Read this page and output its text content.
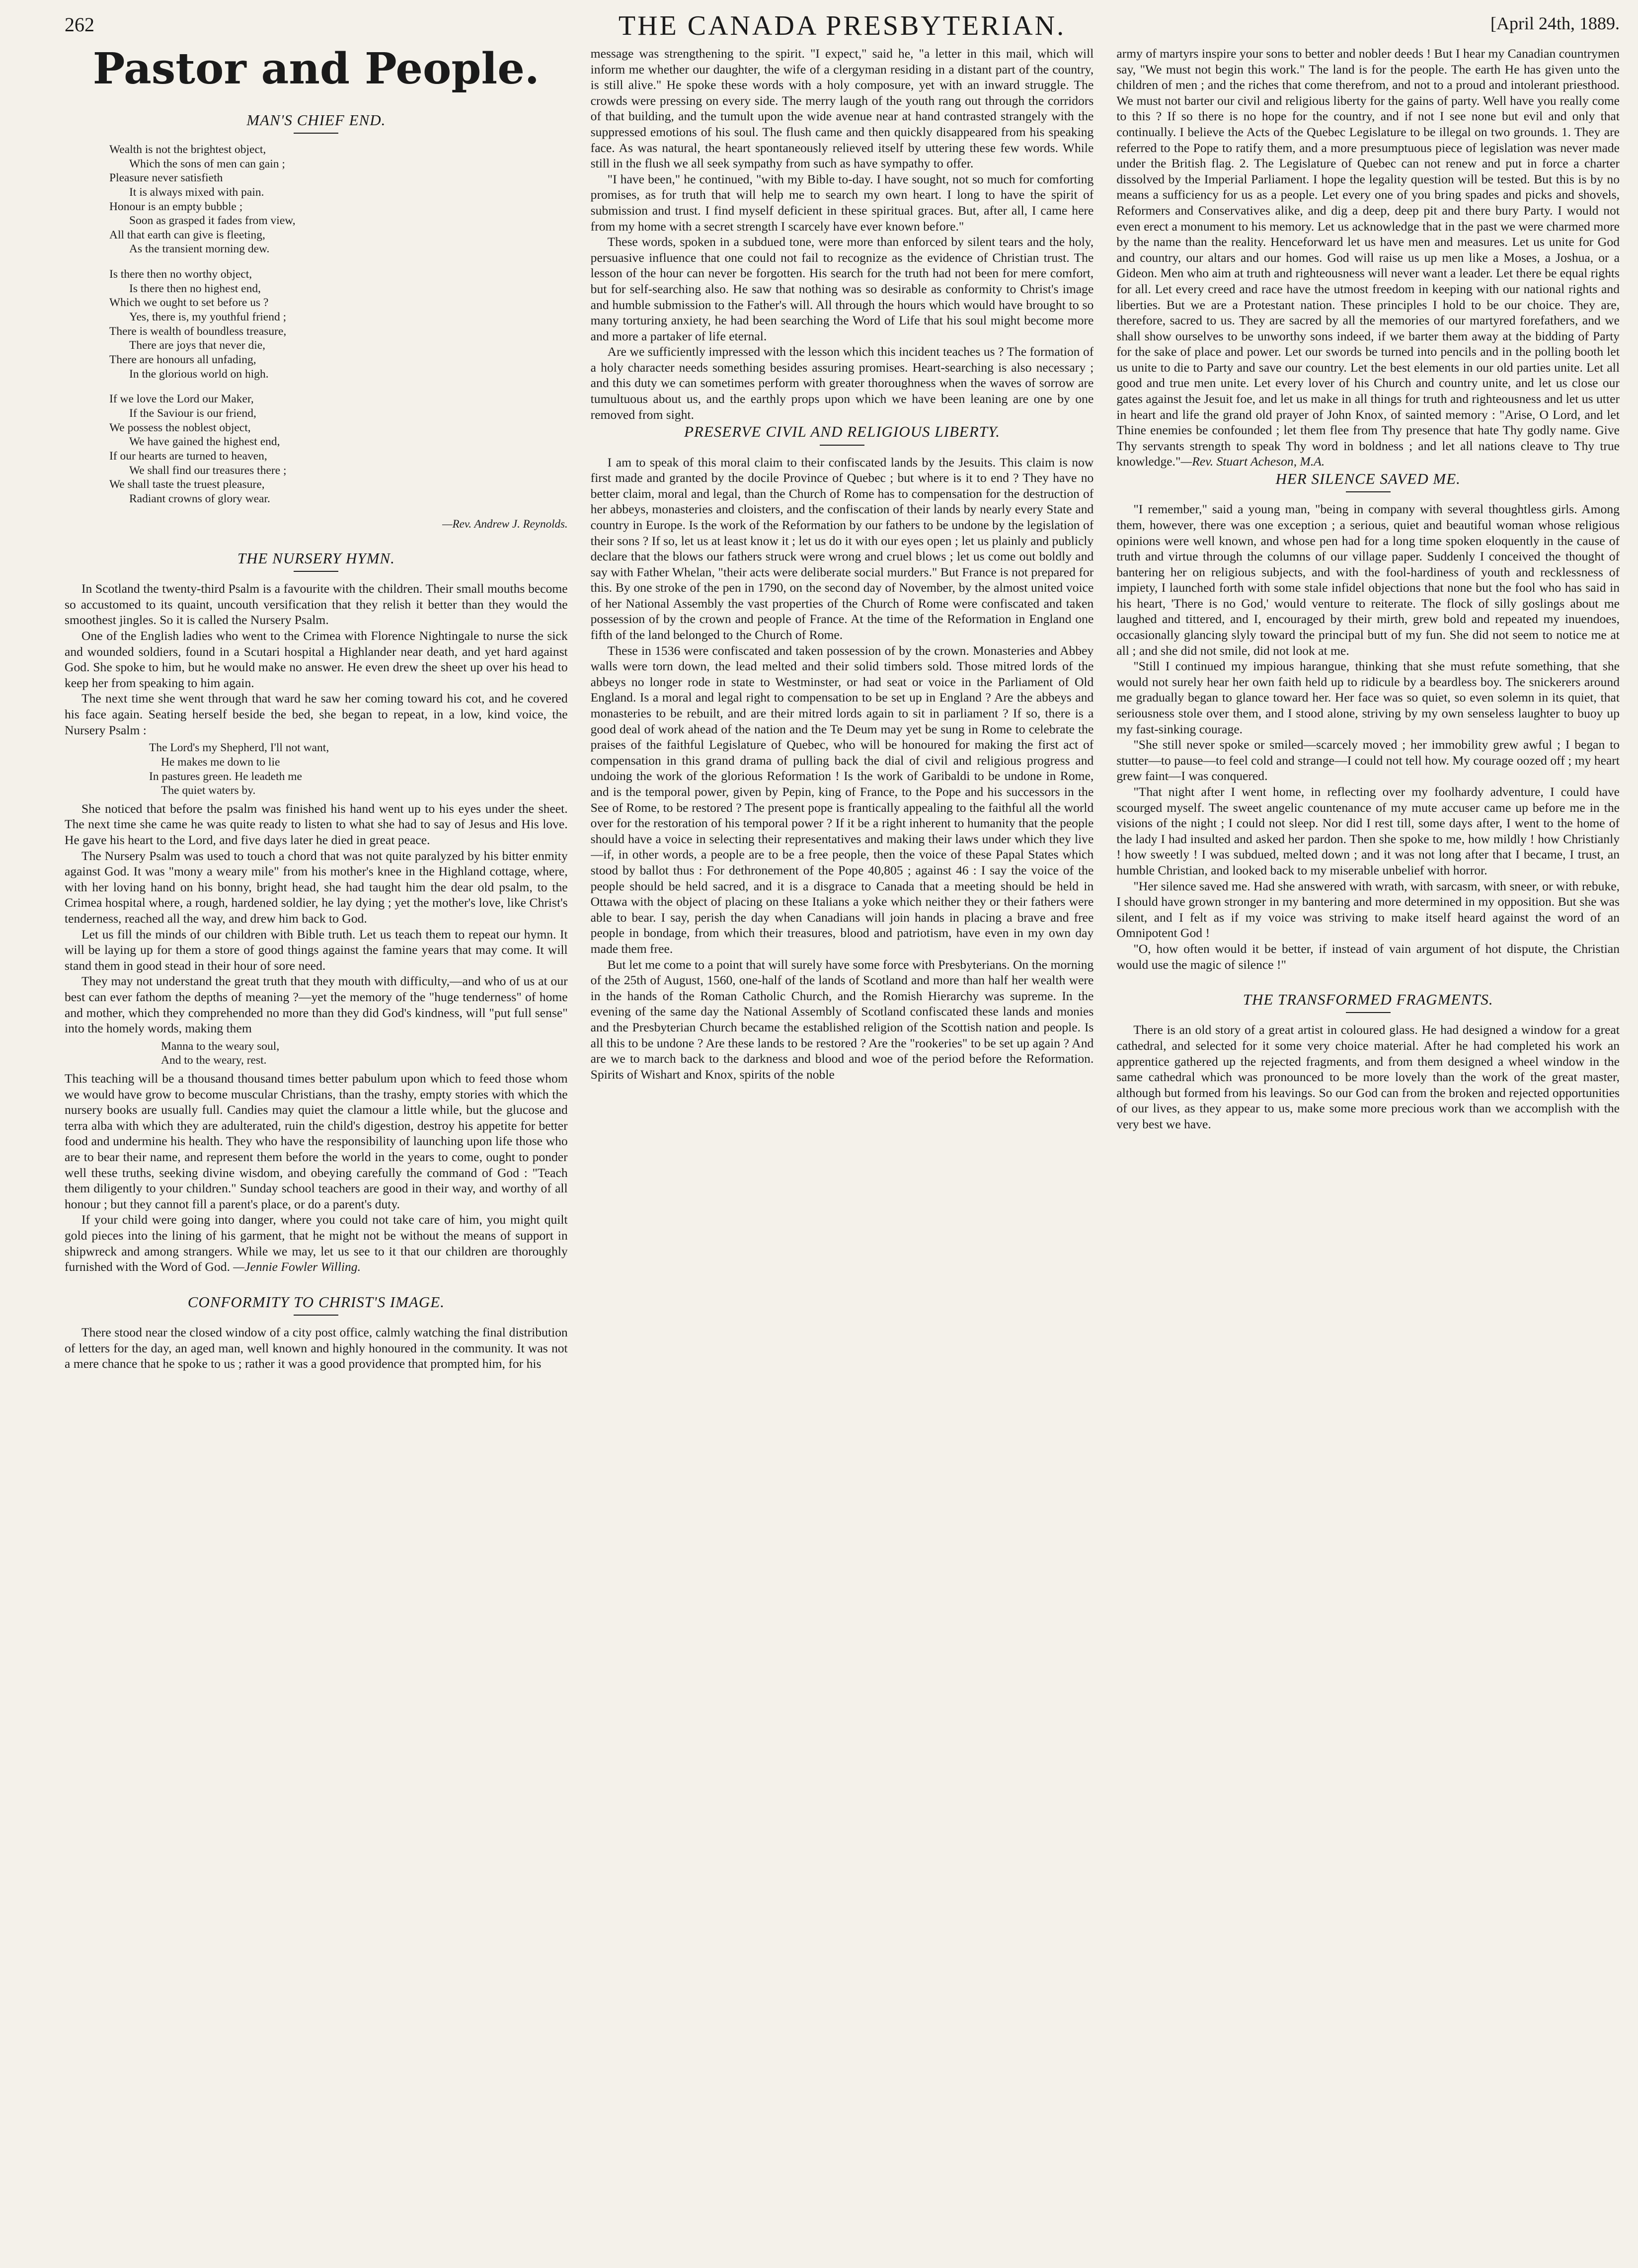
262	THE CANADA PRESBYTERIAN.	[April 24th, 1889.
Pastor and People.
MAN'S CHIEF END.
Wealth is not the brightest object,
Which the sons of men can gain ;
Pleasure never satisfieth
It is always mixed with pain.
Honour is an empty bubble ;
Soon as grasped it fades from view,
All that earth can give is fleeting,
As the transient morning dew.
Is there then no worthy object,
Is there then no highest end,
Which we ought to set before us ?
Yes, there is, my youthful friend ;
There is wealth of boundless treasure,
There are joys that never die,
There are honours all unfading,
In the glorious world on high.
If we love the Lord our Maker,
If the Saviour is our friend,
We possess the noblest object,
We have gained the highest end,
If our hearts are turned to heaven,
We shall find our treasures there ;
We shall taste the truest pleasure,
Radiant crowns of glory wear.
—Rev. Andrew J. Reynolds.
THE NURSERY HYMN.

In Scotland the twenty-third Psalm is a favourite with the children. Their small mouths become so accustomed to its quaint, uncouth versification that they relish it better than they would the smoothest jingles. So it is called the Nursery Psalm.

One of the English ladies who went to the Crimea with Florence Nightingale to nurse the sick and wounded soldiers, found in a Scutari hospital a Highlander near death, and yet hard against God. She spoke to him, but he would make no answer. He even drew the sheet up over his head to keep her from speaking to him again.

The next time she went through that ward he saw her coming toward his cot, and he covered his face again. Seating herself beside the bed, she began to repeat, in a low, kind voice, the Nursery Psalm :

The Lord's my Shepherd, I'll not want,
He makes me down to lie
In pastures green. He leadeth me
The quiet waters by.

She noticed that before the psalm was finished his hand went up to his eyes under the sheet. The next time she came he was quite ready to listen to what she had to say of Jesus and His love. He gave his heart to the Lord, and five days later he died in great peace.

The Nursery Psalm was used to touch a chord that was not quite paralyzed by his bitter enmity against God. It was "mony a weary mile" from his mother's knee in the Highland cottage, where, with her loving hand on his bonny, bright head, she had taught him the dear old psalm, to the Crimea hospital where, a rough, hardened soldier, he lay dying ; yet the mother's love, like Christ's tenderness, reached all the way, and drew him back to God.

Let us fill the minds of our children with Bible truth. Let us teach them to repeat our hymn. It will be laying up for them a store of good things against the famine years that may come. It will stand them in good stead in their hour of sore need.

They may not understand the great truth that they mouth with difficulty,—and who of us at our best can ever fathom the depths of meaning ?—yet the memory of the "huge tenderness" of home and mother, which they comprehended no more than they did God's kindness, will "put full sense" into the homely words, making them

Manna to the weary soul,
And to the weary, rest.

This teaching will be a thousand thousand times better pabulum upon which to feed those whom we would have grow to become muscular Christians, than the trashy, empty stories with which the nursery books are usually full. Candies may quiet the clamour a little while, but the glucose and terra alba with which they are adulterated, ruin the child's digestion, destroy his appetite for better food and undermine his health. They who have the responsibility of launching upon life those who are to bear their name, and represent them before the world in the years to come, ought to ponder well these truths, seeking divine wisdom, and obeying carefully the command of God : "Teach them diligently to your children." Sunday school teachers are good in their way, and worthy of all honour ; but they cannot fill a parent's place, or do a parent's duty.

If your child were going into danger, where you could not take care of him, you might quilt gold pieces into the lining of his garment, that he might not be without the means of support in shipwreck and among strangers. While we may, let us see to it that our children are thoroughly furnished with the Word of God. —Jennie Fowler Willing.

CONFORMITY TO CHRIST'S IMAGE.

There stood near the closed window of a city post office, calmly watching the final distribution of letters for the day, an aged man, well known and highly honoured in the community. It was not a mere chance that he spoke to us ; rather it was a good providence that prompted him, for his

message was strengthening to the spirit. "I expect," said he, "a letter in this mail, which will inform me whether our daughter, the wife of a clergyman residing in a distant part of the country, is still alive." He spoke these words with a holy composure, yet with an inward struggle. The crowds were pressing on every side. The merry laugh of the youth rang out through the corridors of that building, and the tumult upon the wide avenue near at hand contrasted strangely with the suppressed emotions of his soul. The flush came and then quickly disappeared from his speaking face. As was natural, the heart spontaneously relieved itself by uttering these few words. While still in the flush we all seek sympathy from such as have sympathy to offer.

"I have been," he continued, "with my Bible to-day. I have sought, not so much for comforting promises, as for truth that will help me to search my own heart. I long to have the spirit of submission and trust. I find myself deficient in these spiritual graces. But, after all, I came here from my home with a secret strength I scarcely have ever known before."

These words, spoken in a subdued tone, were more than enforced by silent tears and the holy, persuasive influence that one could not fail to recognize as the evidence of Christian trust. The lesson of the hour can never be forgotten. His search for the truth had not been for mere comfort, but for self-searching also. He saw that nothing was so desirable as conformity to Christ's image and humble submission to the Father's will. All through the hours which would have brought to so many torturing anxiety, he had been searching the Word of Life that his soul might become more and more a partaker of life eternal.

Are we sufficiently impressed with the lesson which this incident teaches us ? The formation of a holy character needs something besides assuring promises. Heart-searching is also necessary ; and this duty we can sometimes perform with greater thoroughness when the waves of sorrow are tumultuous about us, and the earthly props upon which we have been leaning are one by one removed from sight.

PRESERVE CIVIL AND RELIGIOUS LIBERTY.

I am to speak of this moral claim to their confiscated lands by the Jesuits. This claim is now first made and granted by the docile Province of Quebec ; but where is it to end ? They have no better claim, moral and legal, than the Church of Rome has to compensation for the destruction of her abbeys, monasteries and cloisters, and the confiscation of their lands by nearly every State and country in Europe. Is the work of the Reformation by our fathers to be undone by the legislation of their sons ? If so, let us at least know it ; let us do it with our eyes open ; let us plainly and publicly declare that the blows our fathers struck were wrong and cruel blows ; let us come out boldly and say with Father Whelan, "their acts were deliberate social murders." But France is not prepared for this. By one stroke of the pen in 1790, on the second day of November, by the almost united voice of her National Assembly the vast properties of the Church of Rome were confiscated and taken possession of by the crown and people of France. At the time of the Reformation in England one fifth of the land belonged to the Church of Rome.

These in 1536 were confiscated and taken possession of by the crown. Monasteries and Abbey walls were torn down, the lead melted and their solid timbers sold. Those mitred lords of the abbeys no longer rode in state to Westminster, or had seat or voice in the Parliament of Old England. Is a moral and legal right to compensation to be set up in England ? Are the abbeys and monasteries to be rebuilt, and are their mitred lords again to sit in parliament ? If so, there is a good deal of work ahead of the nation and the Te Deum may yet be sung in Rome to celebrate the praises of the faithful Legislature of Quebec, who will be honoured for making the first act of compensation in this grand drama of pulling back the dial of civil and religious progress and undoing the work of the glorious Reformation ! Is the work of Garibaldi to be undone in Rome, and is the temporal power, given by Pepin, king of France, to the Pope and his successors in the See of Rome, to be restored ? The present pope is frantically appealing to the faithful all the world over for the restoration of his temporal power ? If it be a right inherent to humanity that the people should have a voice in selecting their representatives and making their laws under which they live—if, in other words, a people are to be a free people, then the voice of these Papal States which stood by ballot thus : For dethronement of the Pope 40,805 ; against 46 : I say the voice of the people should be held sacred, and it is a disgrace to Canada that a meeting should be held in Ottawa with the object of placing on these Italians a yoke which neither they or their fathers were able to bear. I say, perish the day when Canadians will join hands in placing a brave and free people in bondage, from which their treasures, blood and patriotism, have even in my own day made them free.

But let me come to a point that will surely have some force with Presbyterians. On the morning of the 25th of August, 1560, one-half of the lands of Scotland and more than half her wealth were in the hands of the Roman Catholic Church, and the Romish Hierarchy was supreme. In the evening of the same day the National Assembly of Scotland confiscated these lands and monies and the Presbyterian Church became the established religion of the Scottish nation and people. Is all this to be undone ? Are these lands to be restored ? Are the "rookeries" to be set up again ? And are we to march back to the darkness and blood and woe of the period before the Reformation. Spirits of Wishart and Knox, spirits of the noble

army of martyrs inspire your sons to better and nobler deeds ! But I hear my Canadian countrymen say, "We must not begin this work." The land is for the people. The earth He has given unto the children of men ; and the riches that come therefrom, and not to a proud and intolerant priesthood. We must not barter our civil and religious liberty for the gains of party. Well have you really come to this ? If so there is no hope for the country, and if not I see none but evil and only that continually. I believe the Acts of the Quebec Legislature to be illegal on two grounds. 1. They are referred to the Pope to ratify them, and a more presumptuous piece of legislation was never made under the British flag. 2. The Legislature of Quebec can not renew and put in force a charter dissolved by the Imperial Parliament. I hope the legality question will be tested. But this is by no means a sufficiency for us as a people. Let every one of you bring spades and picks and shovels, Reformers and Conservatives alike, and dig a deep, deep pit and there bury Party. I would not even erect a monument to his memory. Let us acknowledge that in the past we were charmed more by the name than the reality. Henceforward let us have men and measures. Let us unite for God and country, our altars and our homes. God will raise us up men like a Moses, a Joshua, or a Gideon. Men who aim at truth and righteousness will never want a leader. Let there be equal rights for all. Let every creed and race have the utmost freedom in keeping with our national rights and liberties. But we are a Protestant nation. These principles I hold to be our choice. They are, therefore, sacred to us. They are sacred by all the memories of our martyred forefathers, and we shall show ourselves to be unworthy sons indeed, if we barter them away at the bidding of Party for the sake of place and power. Let our swords be turned into pencils and in the polling booth let us unite to die to Party and save our country. Let the best elements in our old parties unite. Let all good and true men unite. Let every lover of his Church and country unite, and let us close our gates against the Jesuit foe, and let us make in all things for truth and righteousness and let us utter in heart and life the grand old prayer of John Knox, of sainted memory : "Arise, O Lord, and let Thine enemies be confounded ; let them flee from Thy presence that hate Thy godly name. Give Thy servants strength to speak Thy word in boldness ; and let all nations cleave to Thy true knowledge."—Rev. Stuart Acheson, M.A.

HER SILENCE SAVED ME.

"I remember," said a young man, "being in company with several thoughtless girls. Among them, however, there was one exception ; a serious, quiet and beautiful woman whose religious opinions were well known, and whose pen had for a long time spoken eloquently in the cause of truth and virtue through the columns of our village paper. Suddenly I conceived the thought of bantering her on religious subjects, and with the fool-hardiness of youth and recklessness of impiety, I launched forth with some stale infidel objections that none but the fool who has said in his heart, 'There is no God,' would venture to reiterate. The flock of silly goslings about me laughed and tittered, and I, encouraged by their mirth, grew bold and repeated my inuendoes, occasionally glancing slyly toward the principal butt of my fun. She did not seem to notice me at all ; and she did not smile, did not look at me.

"Still I continued my impious harangue, thinking that she must refute something, that she would not surely hear her own faith held up to ridicule by a beardless boy. The snickerers around me gradually began to glance toward her. Her face was so quiet, so even solemn in its quiet, that seriousness stole over them, and I stood alone, striving by my own senseless laughter to buoy up my fast-sinking courage.

"She still never spoke or smiled—scarcely moved ; her immobility grew awful ; I began to stutter—to pause—to feel cold and strange—I could not tell how. My courage oozed off ; my heart grew faint—I was conquered.

"That night after I went home, in reflecting over my foolhardy adventure, I could have scourged myself. The sweet angelic countenance of my mute accuser came up before me in the visions of the night ; I could not sleep. Nor did I rest till, some days after, I went to the home of the lady I had insulted and asked her pardon. Then she spoke to me, how mildly ! how Christianly ! how sweetly ! I was subdued, melted down ; and it was not long after that I became, I trust, an humble Christian, and looked back to my miserable unbelief with horror.

"Her silence saved me. Had she answered with wrath, with sarcasm, with sneer, or with rebuke, I should have grown stronger in my bantering and more determined in my opposition. But she was silent, and I felt as if my voice was striving to make itself heard against the word of an Omnipotent God !

"O, how often would it be better, if instead of vain argument of hot dispute, the Christian would use the magic of silence !"

THE TRANSFORMED FRAGMENTS.

There is an old story of a great artist in coloured glass. He had designed a window for a great cathedral, and selected for it some very choice material. After he had completed his work an apprentice gathered up the rejected fragments, and from them designed a wheel window in the same cathedral which was pronounced to be more lovely than the work of the great master, although but formed from his leavings. So our God can from the broken and rejected opportunities of our lives, as they appear to us, make some more precious work than we accomplish with the very best we have.
